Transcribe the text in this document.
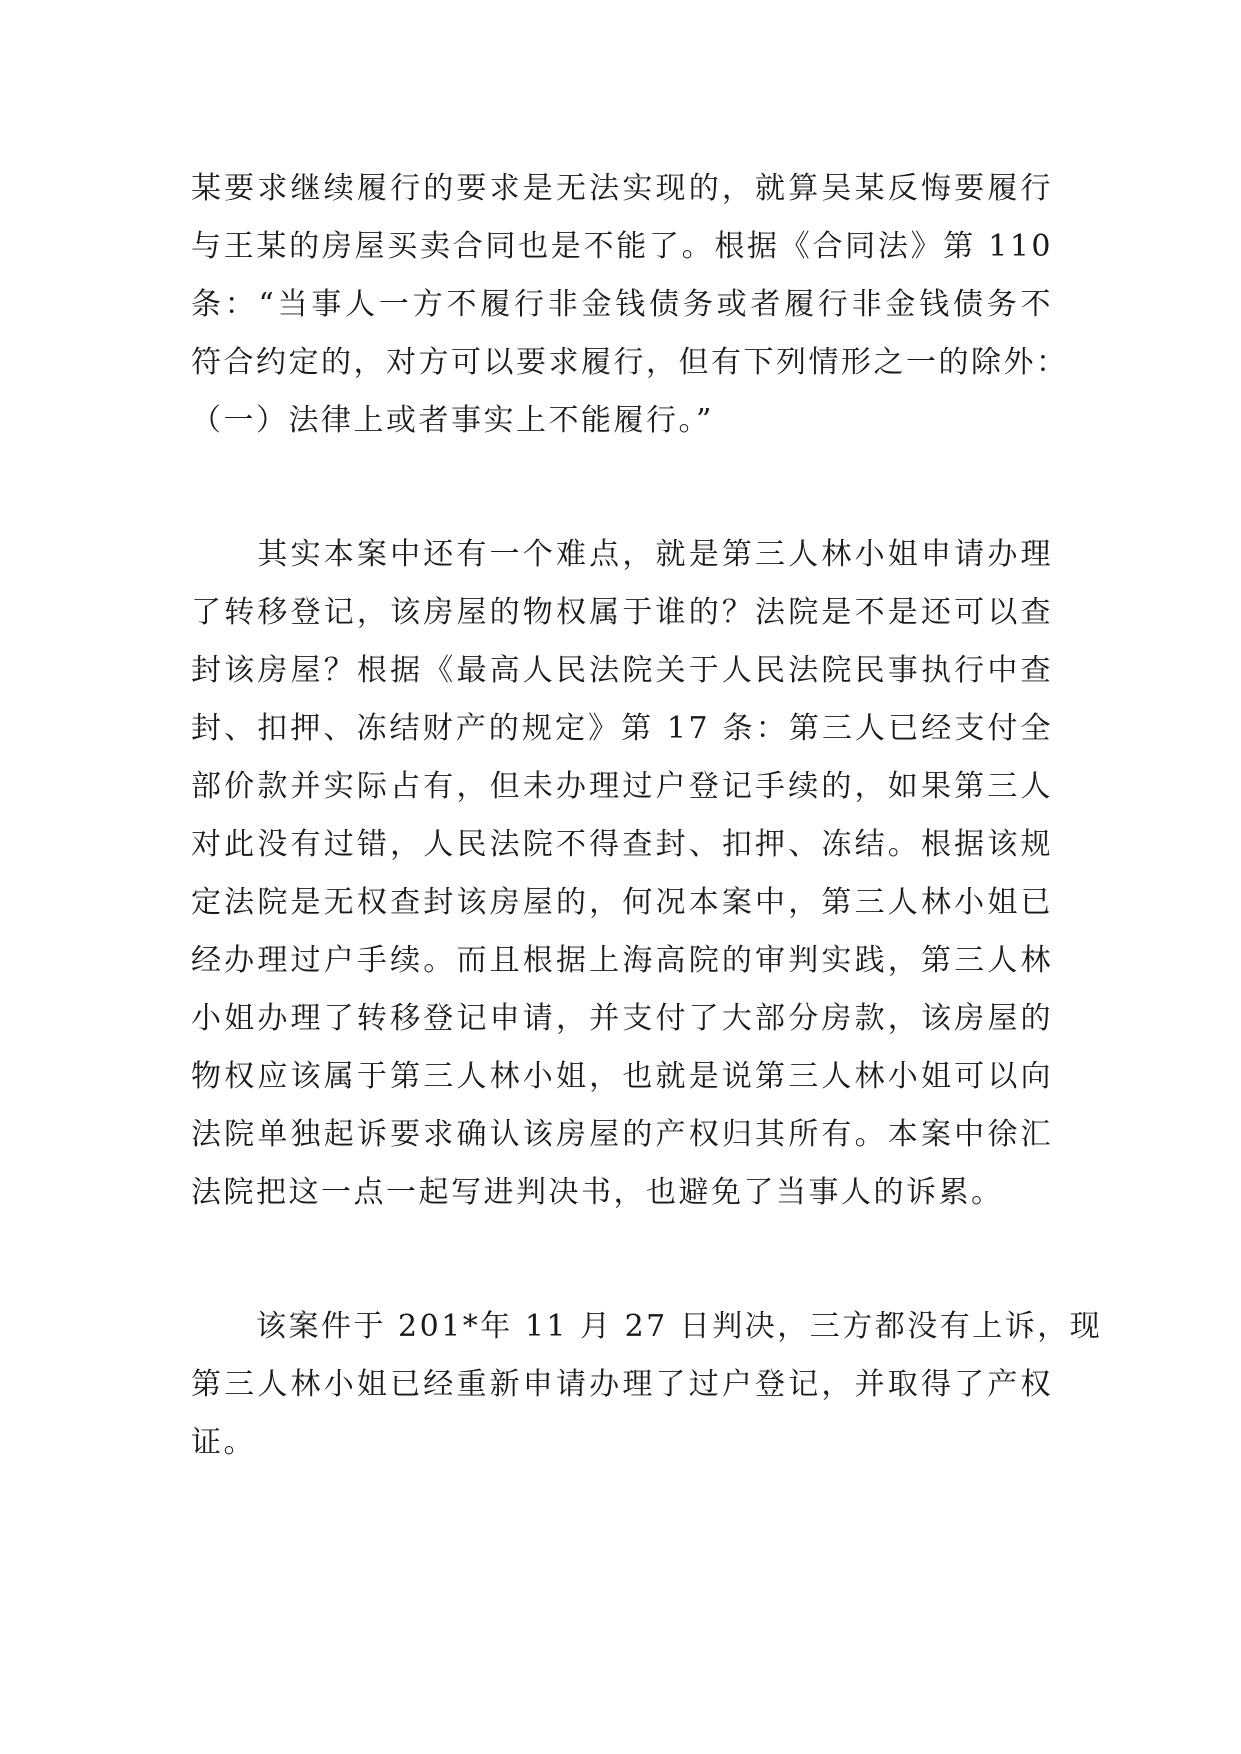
某要求继续履行的要求是无法实现的，就算吴某反悔要履行
与王某的房屋买卖合同也是不能了。根据《合同法》第 110
条：“当事人一方不履行非金钱债务或者履行非金钱债务不
符合约定的，对方可以要求履行，但有下列情形之一的除外：
（一）法律上或者事实上不能履行。”

　　其实本案中还有一个难点，就是第三人林小姐申请办理
了转移登记，该房屋的物权属于谁的？法院是不是还可以查
封该房屋？根据《最高人民法院关于人民法院民事执行中查
封、扣押、冻结财产的规定》第 17 条：第三人已经支付全
部价款并实际占有，但未办理过户登记手续的，如果第三人
对此没有过错，人民法院不得查封、扣押、冻结。根据该规
定法院是无权查封该房屋的，何况本案中，第三人林小姐已
经办理过户手续。而且根据上海高院的审判实践，第三人林
小姐办理了转移登记申请，并支付了大部分房款，该房屋的
物权应该属于第三人林小姐，也就是说第三人林小姐可以向
法院单独起诉要求确认该房屋的产权归其所有。本案中徐汇
法院把这一点一起写进判决书，也避免了当事人的诉累。

　　该案件于 201*年 11 月 27 日判决，三方都没有上诉，现
第三人林小姐已经重新申请办理了过户登记，并取得了产权
证。
